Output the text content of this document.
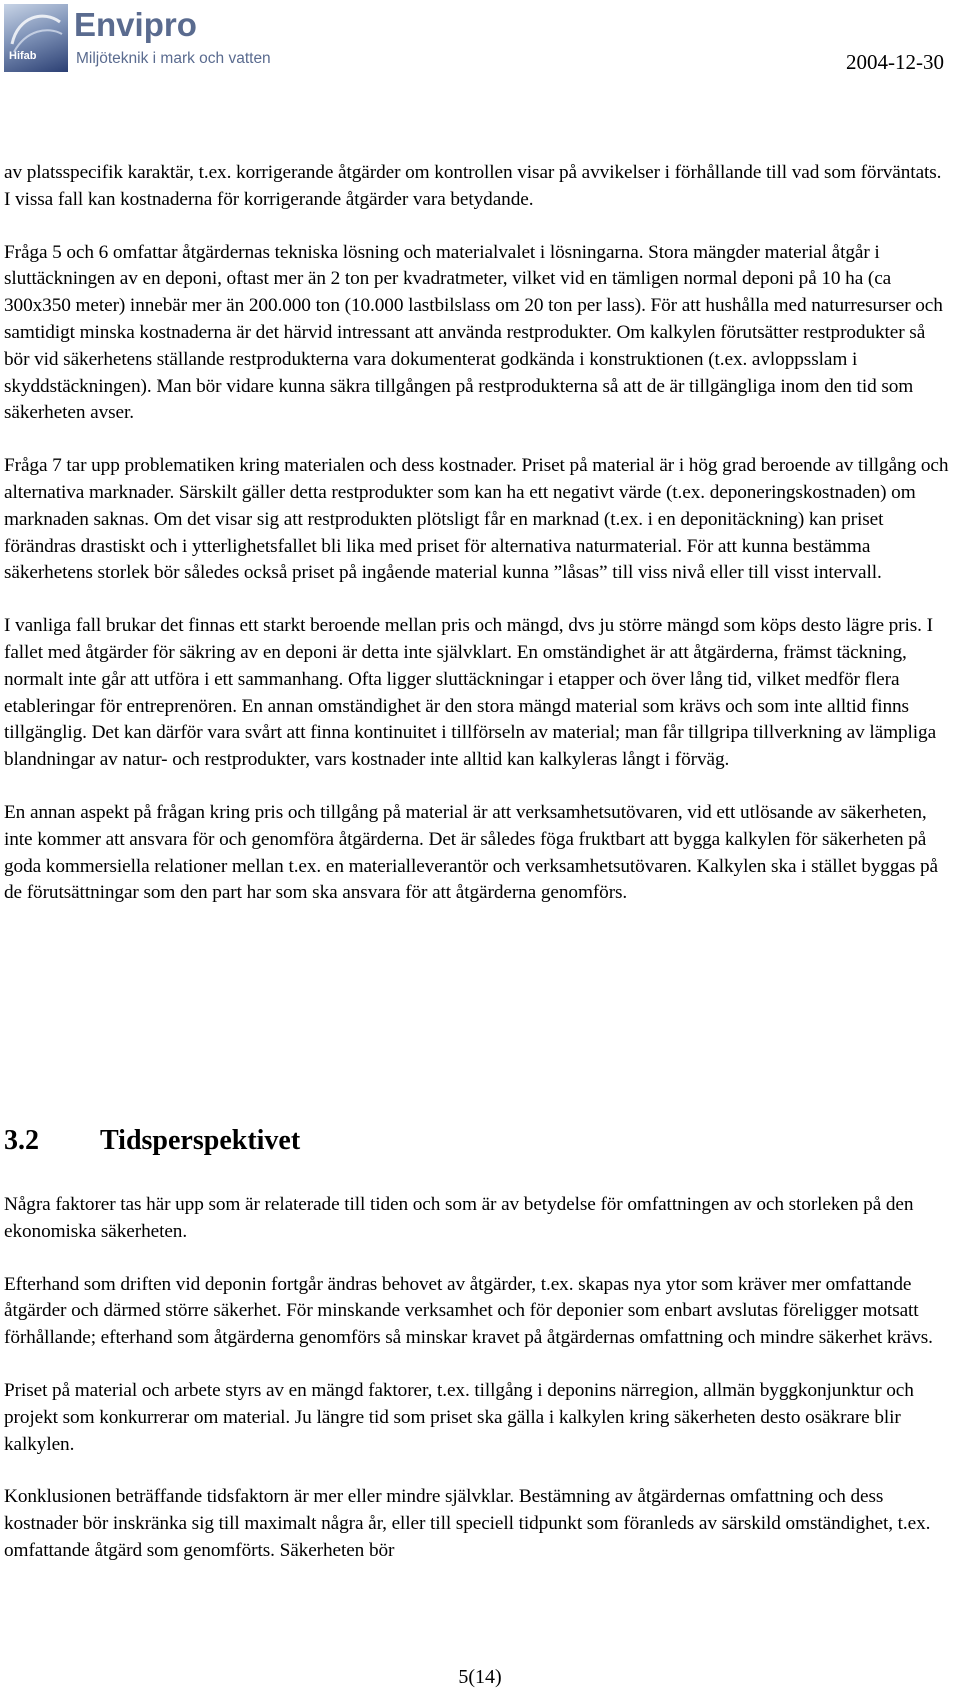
Hifab
Envipro
Miljöteknik i mark och vatten	2004-12-30

av platsspecifik karaktär, t.ex. korrigerande åtgärder om kontrollen visar på avvikelser i förhållande till vad som förväntats. I vissa fall kan kostnaderna för korrigerande åtgärder vara betydande.

Fråga 5 och 6 omfattar åtgärdernas tekniska lösning och materialvalet i lösningarna. Stora mängder material åtgår i sluttäckningen av en deponi, oftast mer än 2 ton per kvadratmeter, vilket vid en tämligen normal deponi på 10 ha (ca 300x350 meter) innebär mer än 200.000 ton (10.000 lastbilslass om 20 ton per lass). För att hushålla med naturresurser och samtidigt minska kostnaderna är det härvid intressant att använda restprodukter. Om kalkylen förutsätter restprodukter så bör vid säkerhetens ställande restprodukterna vara dokumenterat godkända i konstruktionen (t.ex. avloppsslam i skyddstäckningen). Man bör vidare kunna säkra tillgången på restprodukterna så att de är tillgängliga inom den tid som säkerheten avser.

Fråga 7 tar upp problematiken kring materialen och dess kostnader. Priset på material är i hög grad beroende av tillgång och alternativa marknader. Särskilt gäller detta restprodukter som kan ha ett negativt värde (t.ex. deponeringskostnaden) om marknaden saknas. Om det visar sig att restprodukten plötsligt får en marknad (t.ex. i en deponitäckning) kan priset förändras drastiskt och i ytterlighetsfallet bli lika med priset för alternativa naturmaterial. För att kunna bestämma säkerhetens storlek bör således också priset på ingående material kunna ”låsas” till viss nivå eller till visst intervall.

I vanliga fall brukar det finnas ett starkt beroende mellan pris och mängd, dvs ju större mängd som köps desto lägre pris. I fallet med åtgärder för säkring av en deponi är detta inte självklart. En omständighet är att åtgärderna, främst täckning, normalt inte går att utföra i ett sammanhang. Ofta ligger sluttäckningar i etapper och över lång tid, vilket medför flera etableringar för entreprenören. En annan omständighet är den stora mängd material som krävs och som inte alltid finns tillgänglig. Det kan därför vara svårt att finna kontinuitet i tillförseln av material; man får tillgripa tillverkning av lämpliga blandningar av natur- och restprodukter, vars kostnader inte alltid kan kalkyleras långt i förväg.

En annan aspekt på frågan kring pris och tillgång på material är att verksamhetsutövaren, vid ett utlösande av säkerheten, inte kommer att ansvara för och genomföra åtgärderna. Det är således föga fruktbart att bygga kalkylen för säkerheten på goda kommersiella relationer mellan t.ex. en materialleverantör och verksamhetsutövaren. Kalkylen ska i stället byggas på de förutsättningar som den part har som ska ansvara för att åtgärderna genomförs.

3.2 Tidsperspektivet

Några faktorer tas här upp som är relaterade till tiden och som är av betydelse för omfattningen av och storleken på den ekonomiska säkerheten.

Efterhand som driften vid deponin fortgår ändras behovet av åtgärder, t.ex. skapas nya ytor som kräver mer omfattande åtgärder och därmed större säkerhet. För minskande verksamhet och för deponier som enbart avslutas föreligger motsatt förhållande; efterhand som åtgärderna genomförs så minskar kravet på åtgärdernas omfattning och mindre säkerhet krävs.

Priset på material och arbete styrs av en mängd faktorer, t.ex. tillgång i deponins närregion, allmän byggkonjunktur och projekt som konkurrerar om material. Ju längre tid som priset ska gälla i kalkylen kring säkerheten desto osäkrare blir kalkylen.

Konklusionen beträffande tidsfaktorn är mer eller mindre självklar. Bestämning av åtgärdernas omfattning och dess kostnader bör inskränka sig till maximalt några år, eller till speciell tidpunkt som föranleds av särskild omständighet, t.ex. omfattande åtgärd som genomförts. Säkerheten bör

5(14)
